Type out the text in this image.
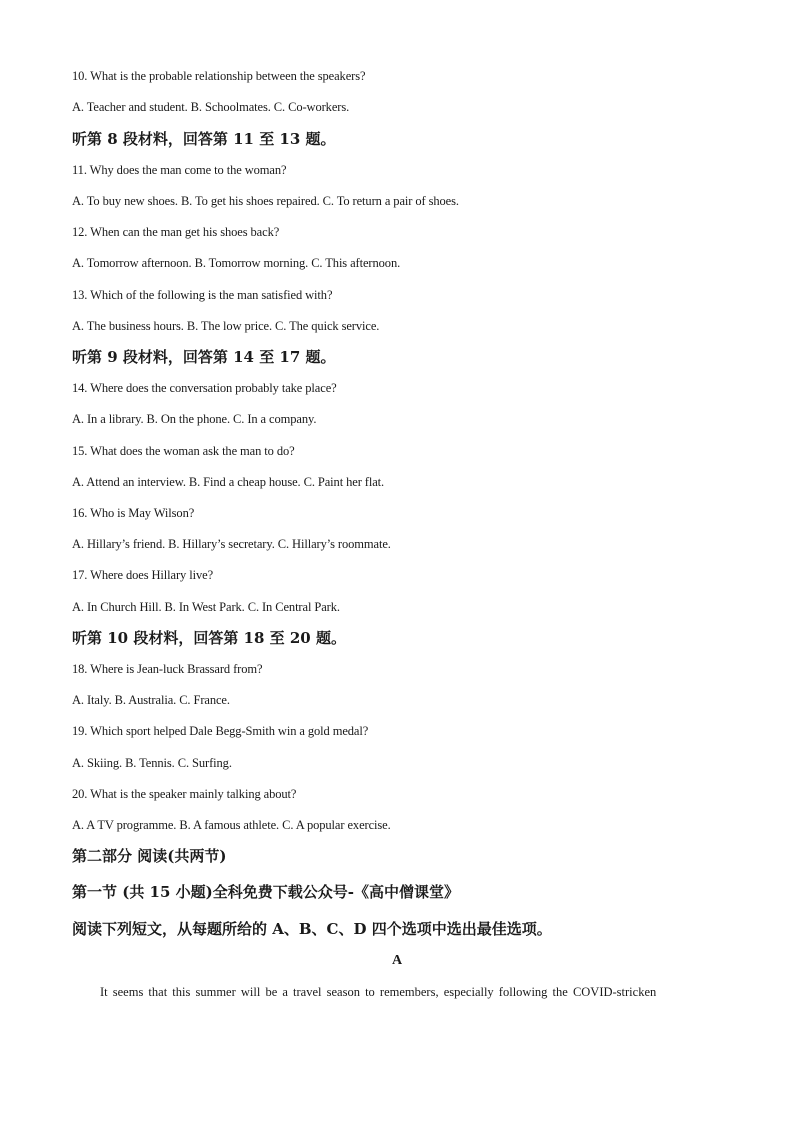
10. What is the probable relationship between the speakers?
A. Teacher and student. B. Schoolmates. C. Co-workers.
听第 8 段材料，回答第 11 至 13 题。
11. Why does the man come to the woman?
A. To buy new shoes. B. To get his shoes repaired. C. To return a pair of shoes.
12. When can the man get his shoes back?
A. Tomorrow afternoon. B. Tomorrow morning. C. This afternoon.
13. Which of the following is the man satisfied with?
A. The business hours. B. The low price. C. The quick service.
听第 9 段材料，回答第 14 至 17 题。
14. Where does the conversation probably take place?
A. In a library. B. On the phone. C. In a company.
15. What does the woman ask the man to do?
A. Attend an interview. B. Find a cheap house. C. Paint her flat.
16. Who is May Wilson?
A. Hillary’s friend. B. Hillary’s secretary. C. Hillary’s roommate.
17. Where does Hillary live?
A. In Church Hill. B. In West Park. C. In Central Park.
听第 10 段材料，回答第 18 至 20 题。
18. Where is Jean-luck Brassard from?
A. Italy. B. Australia. C. France.
19. Which sport helped Dale Begg-Smith win a gold medal?
A. Skiing. B. Tennis. C. Surfing.
20. What is the speaker mainly talking about?
A. A TV programme. B. A famous athlete. C. A popular exercise.
第二部分 阅读(共两节)
第一节 (共 15 小题)全科免费下载公众号-《高中僧课堂》
阅读下列短文，从每题所给的 A、B、C、D 四个选项中选出最佳选项。
A
It seems that this summer will be a travel season to remembers, especially following the COVID-stricken
